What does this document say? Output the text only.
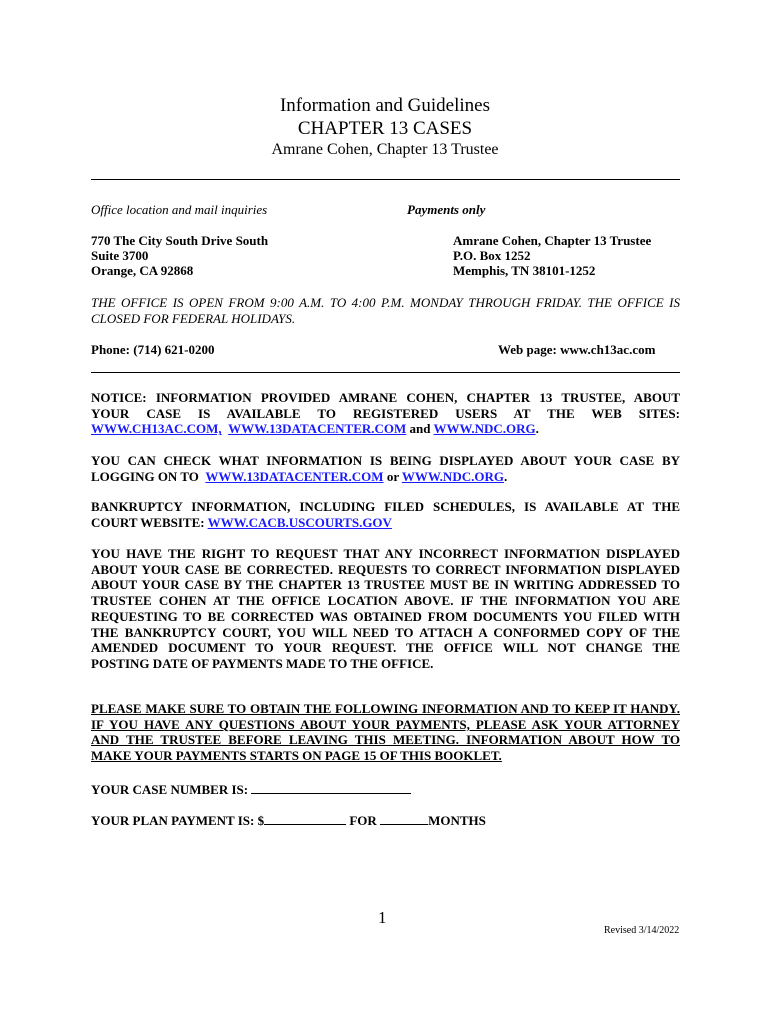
Information and Guidelines
CHAPTER 13 CASES
Amrane Cohen, Chapter 13 Trustee
Office location and mail inquiries	Payments only
770 The City South Drive South
Suite 3700
Orange, CA 92868
Amrane Cohen, Chapter 13 Trustee
P.O. Box 1252
Memphis, TN 38101-1252
THE OFFICE IS OPEN FROM 9:00 A.M. TO 4:00 P.M. MONDAY THROUGH FRIDAY. THE OFFICE IS
CLOSED FOR FEDERAL HOLIDAYS.
Phone: (714) 621-0200	Web page: www.ch13ac.com
NOTICE: INFORMATION PROVIDED AMRANE COHEN, CHAPTER 13 TRUSTEE, ABOUT
YOUR CASE IS AVAILABLE TO REGISTERED USERS AT THE WEB SITES:
WWW.CH13AC.COM, WWW.13DATACENTER.COM and WWW.NDC.ORG.
YOU CAN CHECK WHAT INFORMATION IS BEING DISPLAYED ABOUT YOUR CASE BY
LOGGING ON TO  WWW.13DATACENTER.COM or WWW.NDC.ORG.
BANKRUPTCY INFORMATION, INCLUDING FILED SCHEDULES, IS AVAILABLE AT THE
COURT WEBSITE: WWW.CACB.USCOURTS.GOV
YOU HAVE THE RIGHT TO REQUEST THAT ANY INCORRECT INFORMATION DISPLAYED
ABOUT YOUR CASE BE CORRECTED. REQUESTS TO CORRECT INFORMATION DISPLAYED
ABOUT YOUR CASE BY THE CHAPTER 13 TRUSTEE MUST BE IN WRITING ADDRESSED TO
TRUSTEE COHEN AT THE OFFICE LOCATION ABOVE. IF THE INFORMATION YOU ARE
REQUESTING TO BE CORRECTED WAS OBTAINED FROM DOCUMENTS YOU FILED WITH
THE BANKRUPTCY COURT, YOU WILL NEED TO ATTACH A CONFORMED COPY OF THE
AMENDED DOCUMENT TO YOUR REQUEST. THE OFFICE WILL NOT CHANGE THE
POSTING DATE OF PAYMENTS MADE TO THE OFFICE.
PLEASE MAKE SURE TO OBTAIN THE FOLLOWING INFORMATION AND TO KEEP IT HANDY.
IF YOU HAVE ANY QUESTIONS ABOUT YOUR PAYMENTS, PLEASE ASK YOUR ATTORNEY
AND THE TRUSTEE BEFORE LEAVING THIS MEETING. INFORMATION ABOUT HOW TO
MAKE YOUR PAYMENTS STARTS ON PAGE 15 OF THIS BOOKLET.
YOUR CASE NUMBER IS:
YOUR PLAN PAYMENT IS: $	FOR	MONTHS
1
Revised 3/14/2022
